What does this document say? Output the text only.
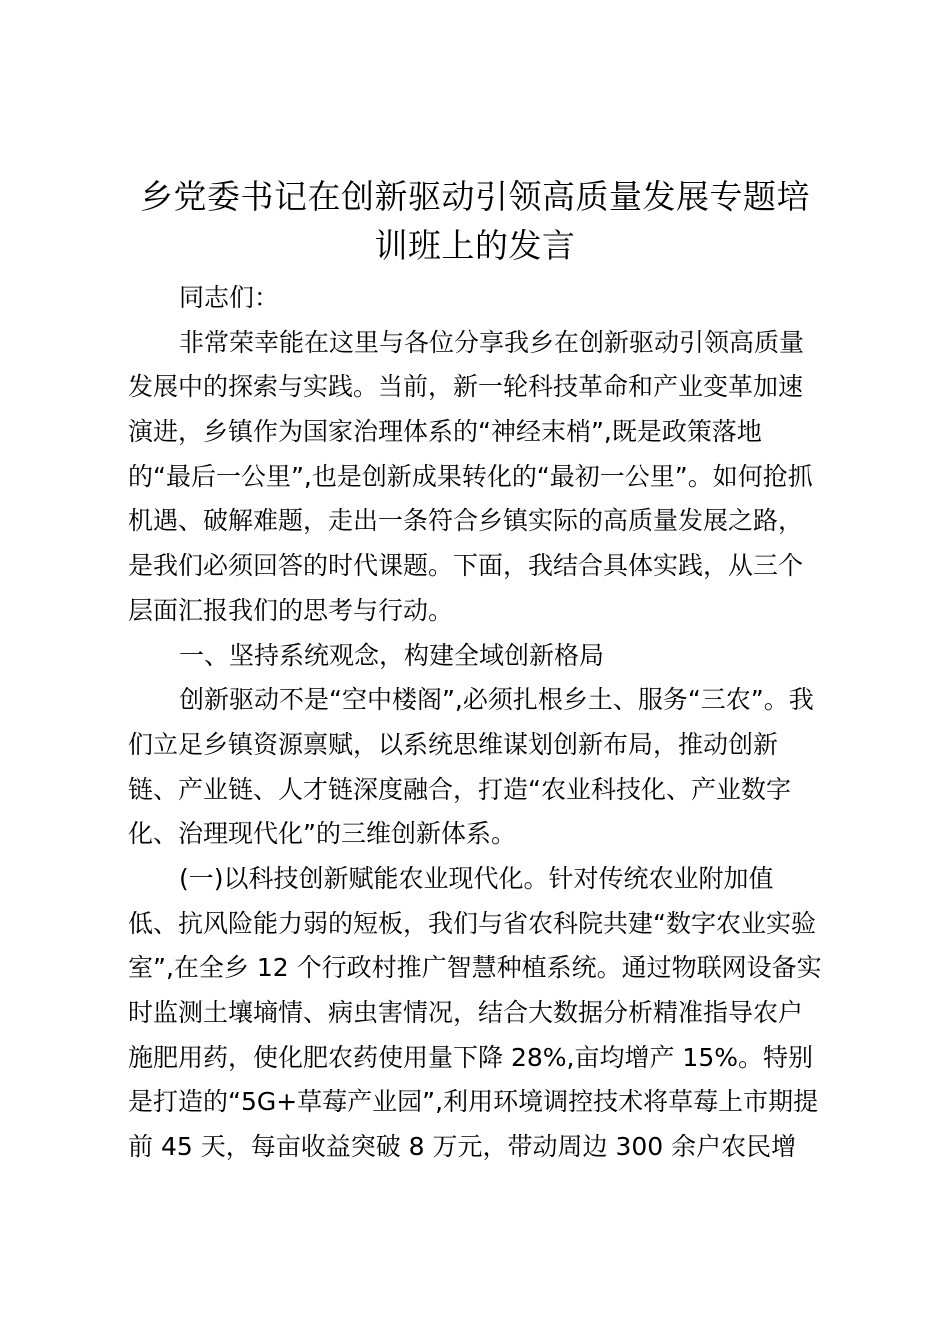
乡党委书记在创新驱动引领高质量发展专题培
训班上的发言
同志们：
非常荣幸能在这里与各位分享我乡在创新驱动引领高质量
发展中的探索与实践。当前，新一轮科技革命和产业变革加速
演进，乡镇作为国家治理体系的“神经末梢”,既是政策落地
的“最后一公里”,也是创新成果转化的“最初一公里”。如何抢抓
机遇、破解难题，走出一条符合乡镇实际的高质量发展之路，
是我们必须回答的时代课题。下面，我结合具体实践，从三个
层面汇报我们的思考与行动。
一、坚持系统观念，构建全域创新格局
创新驱动不是“空中楼阁”,必须扎根乡土、服务“三农”。我
们立足乡镇资源禀赋，以系统思维谋划创新布局，推动创新
链、产业链、人才链深度融合，打造“农业科技化、产业数字
化、治理现代化”的三维创新体系。
(一)以科技创新赋能农业现代化。针对传统农业附加值
低、抗风险能力弱的短板，我们与省农科院共建“数字农业实验
室”,在全乡 12 个行政村推广智慧种植系统。通过物联网设备实
时监测土壤墒情、病虫害情况，结合大数据分析精准指导农户
施肥用药，使化肥农药使用量下降 28%,亩均增产 15%。特别
是打造的“5G+草莓产业园”,利用环境调控技术将草莓上市期提
前 45 天，每亩收益突破 8 万元，带动周边 300 余户农民增
